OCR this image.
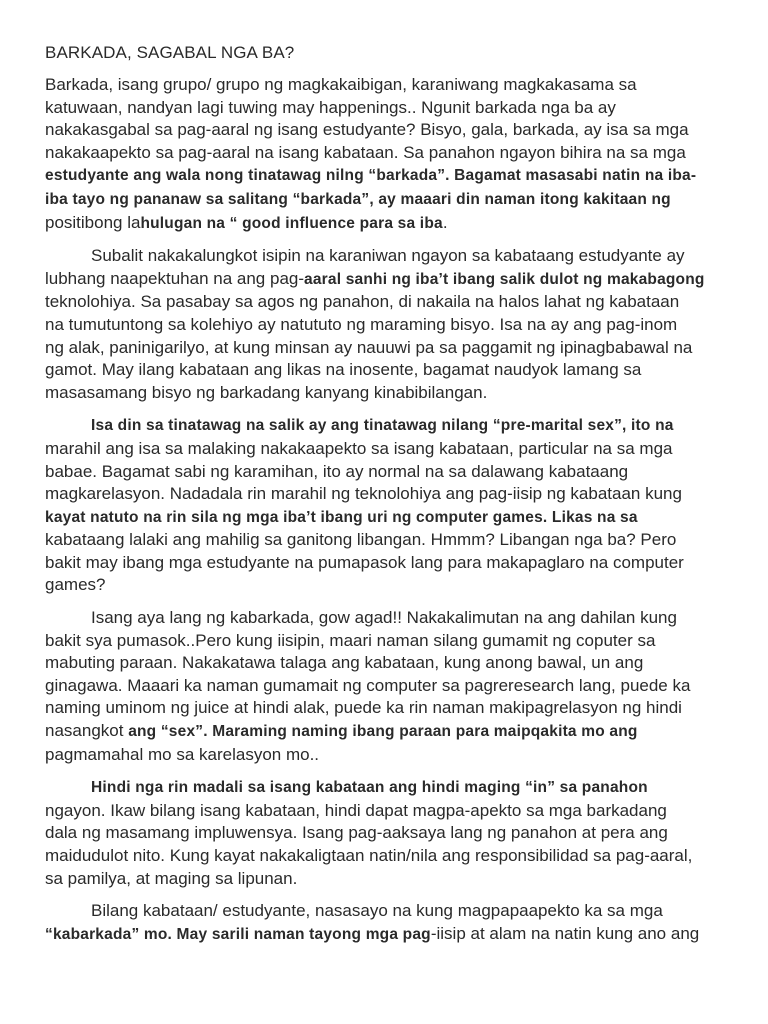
BARKADA, SAGABAL NGA BA?
Barkada, isang grupo/ grupo ng magkakaibigan, karaniwang magkakasama sa
katuwaan, nandyan lagi tuwing may happenings.. Ngunit barkada nga ba ay
nakakasgabal sa pag-aaral ng isang estudyante? Bisyo, gala, barkada, ay isa sa mga
nakakaapekto sa pag-aaral na isang kabataan. Sa panahon ngayon bihira na sa mga
estudyante ang wala nong tinatawag nilng “barkada”. Bagamat masasabi natin na iba-
iba tayo ng pananaw sa salitang “barkada”, ay maaari din naman itong kakitaan ng
positibong lahulugan na “ good influence para sa iba.
Subalit nakakalungkot isipin na karaniwan ngayon sa kabataang estudyante ay
lubhang naapektuhan na ang pag-aaral sanhi ng iba’t ibang salik dulot ng makabagong
teknolohiya. Sa pasabay sa agos ng panahon, di nakaila na halos lahat ng kabataan
na tumutuntong sa kolehiyo ay natututo ng maraming bisyo. Isa na ay ang pag-inom
ng alak, paninigarilyo, at kung minsan ay nauuwi pa sa paggamit ng ipinagbabawal na
gamot. May ilang kabataan ang likas na inosente, bagamat naudyok lamang sa
masasamang bisyo ng barkadang kanyang kinabibilangan.
Isa din sa tinatawag na salik ay ang tinatawag nilang “pre-marital sex”, ito na
marahil ang isa sa malaking nakakaapekto sa isang kabataan, particular na sa mga
babae. Bagamat sabi ng karamihan, ito ay normal na sa dalawang kabataang
magkarelasyon. Nadadala rin marahil ng teknolohiya ang pag-iisip ng kabataan kung
kayat natuto na rin sila ng mga iba’t ibang uri ng computer games. Likas na sa
kabataang lalaki ang mahilig sa ganitong libangan. Hmmm? Libangan nga ba? Pero
bakit may ibang mga estudyante na pumapasok lang para makapaglaro na computer
games?
Isang aya lang ng kabarkada, gow agad!! Nakakalimutan na ang dahilan kung
bakit sya pumasok..Pero kung iisipin, maari naman silang gumamit ng coputer sa
mabuting paraan. Nakakatawa talaga ang kabataan, kung anong bawal, un ang
ginagawa. Maaari ka naman gumamait ng computer sa pagreresearch lang, puede ka
naming uminom ng juice at hindi alak, puede ka rin naman makipagrelasyon ng hindi
nasangkot ang “sex”. Maraming naming ibang paraan para maipqakita mo ang
pagmamahal mo sa karelasyon mo..
Hindi nga rin madali sa isang kabataan ang hindi maging “in” sa panahon
ngayon. Ikaw bilang isang kabataan, hindi dapat magpa-apekto sa mga barkadang
dala ng masamang impluwensya. Isang pag-aaksaya lang ng panahon at pera ang
maidudulot nito. Kung kayat nakakaligtaan natin/nila ang responsibilidad sa pag-aaral,
sa pamilya, at maging sa lipunan.
Bilang kabataan/ estudyante, nasasayo na kung magpapaapekto ka sa mga
“kabarkada” mo. May sarili naman tayong mga pag-iisip at alam na natin kung ano ang
